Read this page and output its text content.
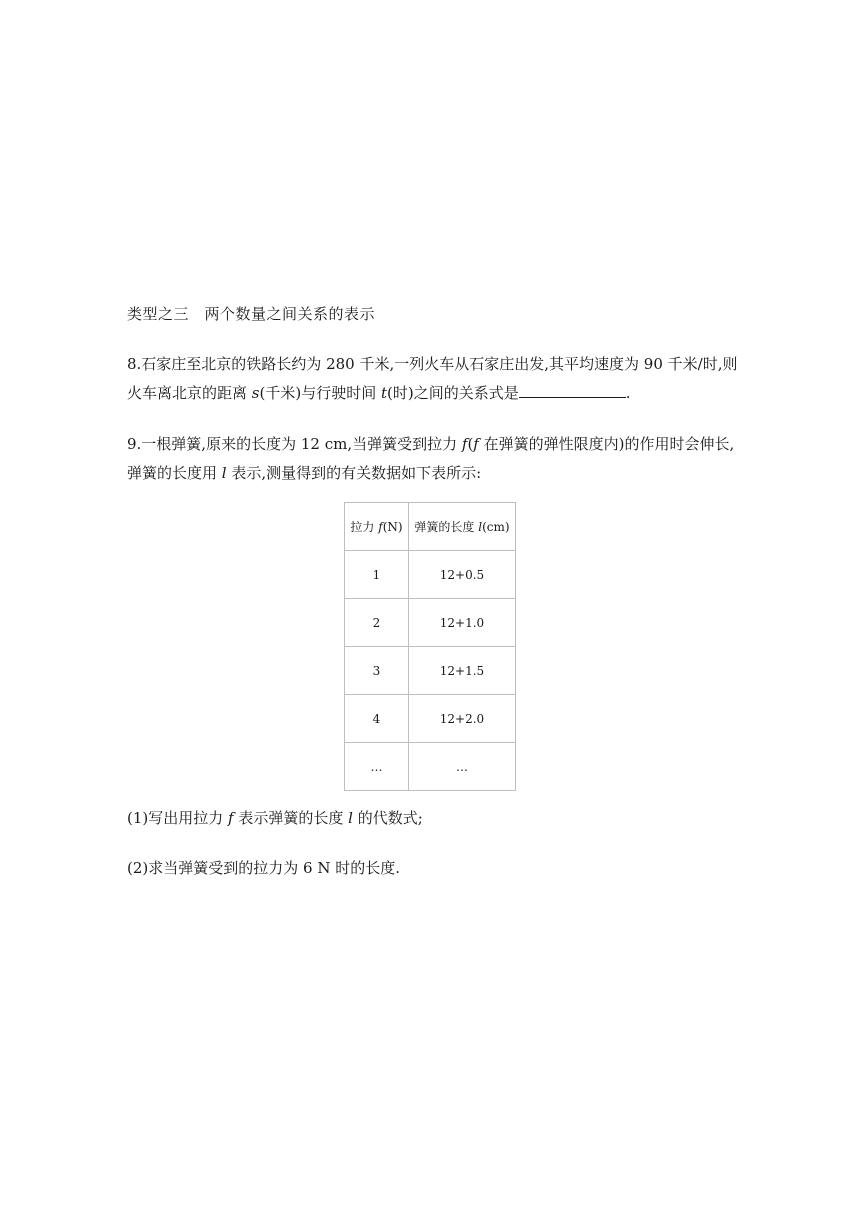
类型之三　两个数量之间关系的表示
8.石家庄至北京的铁路长约为 280 千米,一列火车从石家庄出发,其平均速度为 90 千米/时,则火车离北京的距离 s(千米)与行驶时间 t(时)之间的关系式是	.
9.一根弹簧,原来的长度为 12 cm,当弹簧受到拉力 f(f 在弹簧的弹性限度内)的作用时会伸长,弹簧的长度用 l 表示,测量得到的有关数据如下表所示:
拉力 f(N)	弹簧的长度 l(cm)
1	12+0.5
2	12+1.0
3	12+1.5
4	12+2.0
…	…
(1)写出用拉力 f 表示弹簧的长度 l 的代数式;
(2)求当弹簧受到的拉力为 6 N 时的长度.
